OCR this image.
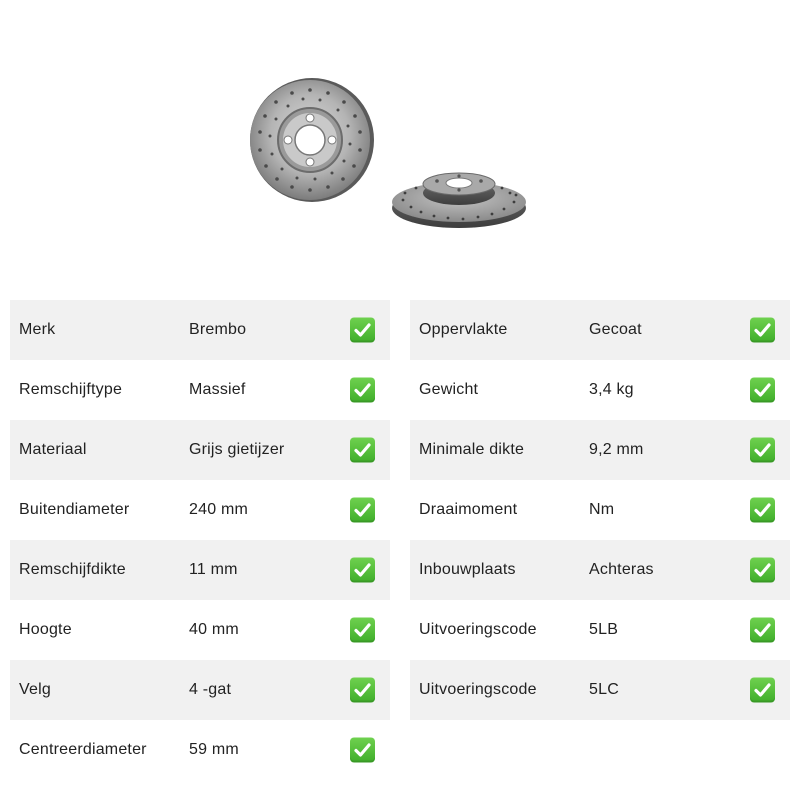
Merk	Brembo
Remschijftype	Massief
Materiaal	Grijs gietijzer
Buitendiameter	240 mm
Remschijfdikte	11 mm
Hoogte	40 mm
Velg	4 -gat
Centreerdiameter	59 mm
Oppervlakte	Gecoat
Gewicht	3,4 kg
Minimale dikte	9,2 mm
Draaimoment	Nm
Inbouwplaats	Achteras
Uitvoeringscode	5LB
Uitvoeringscode	5LC
